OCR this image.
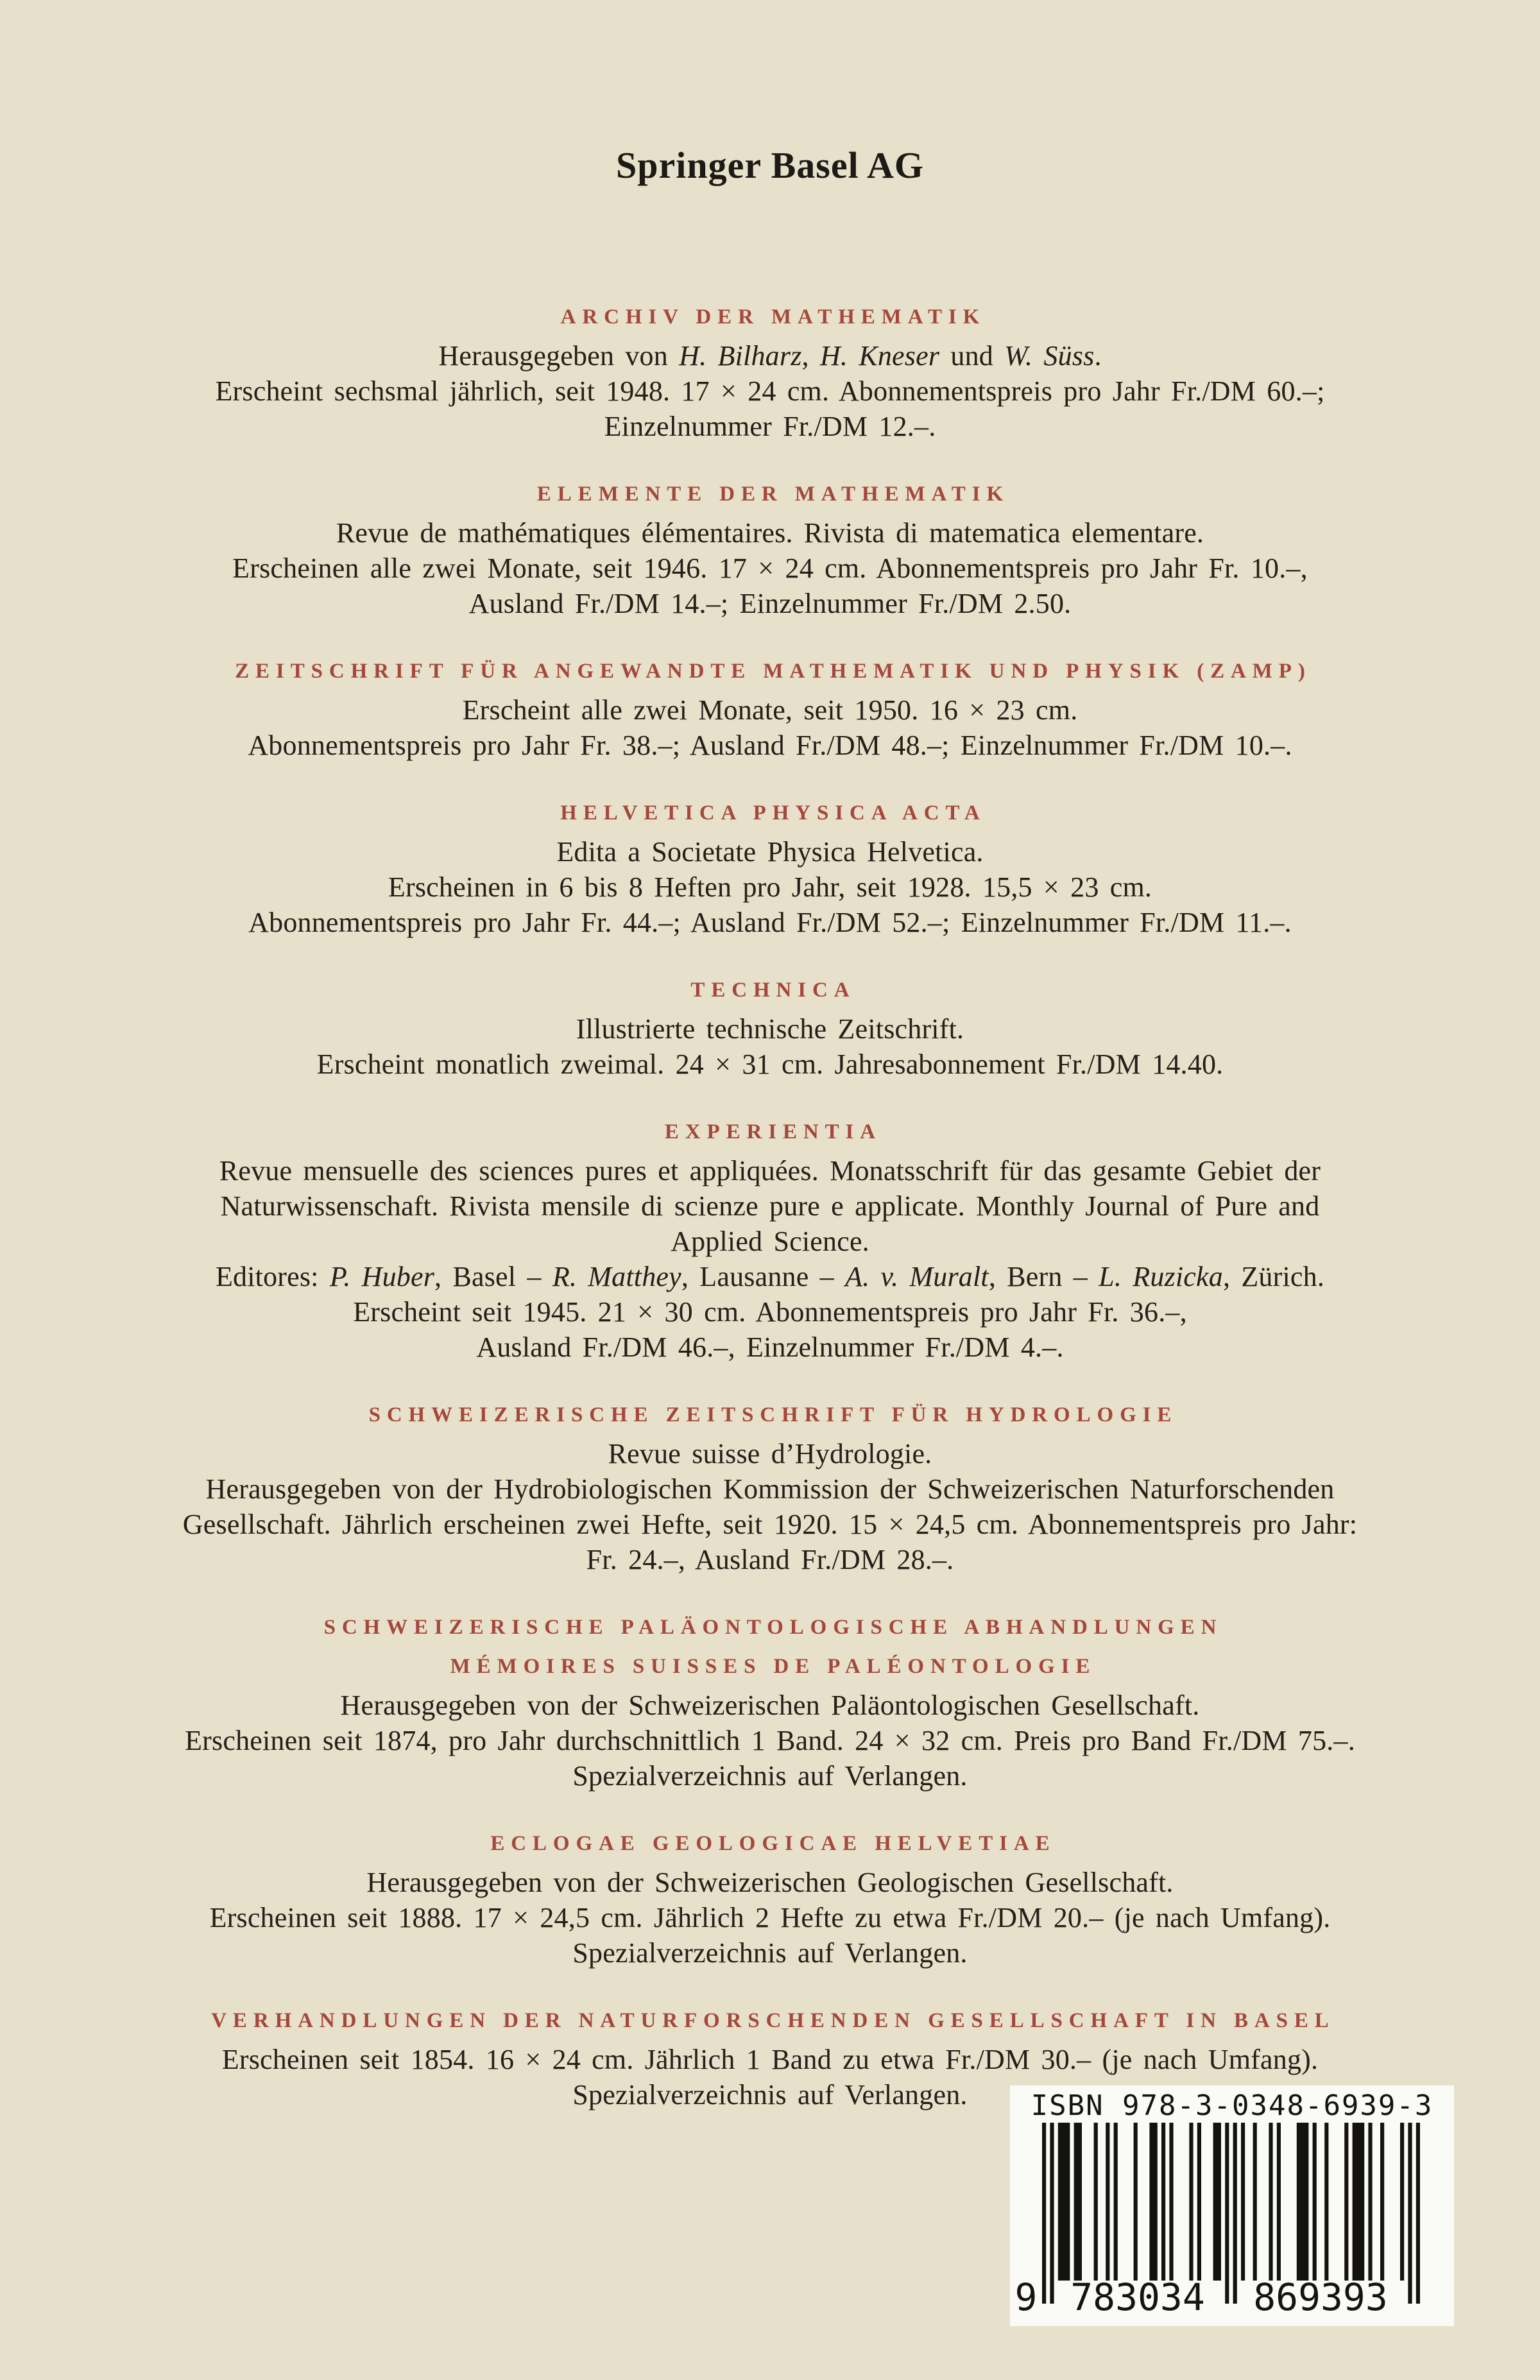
Springer Basel AG
ARCHIV DER MATHEMATIK
Herausgegeben von H. Bilharz, H. Kneser und W. Süss.
Erscheint sechsmal jährlich, seit 1948. 17 × 24 cm. Abonnementspreis pro Jahr Fr./DM 60.–;
Einzelnummer Fr./DM 12.–.
ELEMENTE DER MATHEMATIK
Revue de mathématiques élémentaires. Rivista di matematica elementare.
Erscheinen alle zwei Monate, seit 1946. 17 × 24 cm. Abonnementspreis pro Jahr Fr. 10.–,
Ausland Fr./DM 14.–; Einzelnummer Fr./DM 2.50.
ZEITSCHRIFT FÜR ANGEWANDTE MATHEMATIK UND PHYSIK (ZAMP)
Erscheint alle zwei Monate, seit 1950. 16 × 23 cm.
Abonnementspreis pro Jahr Fr. 38.–; Ausland Fr./DM 48.–; Einzelnummer Fr./DM 10.–.
HELVETICA PHYSICA ACTA
Edita a Societate Physica Helvetica.
Erscheinen in 6 bis 8 Heften pro Jahr, seit 1928. 15,5 × 23 cm.
Abonnementspreis pro Jahr Fr. 44.–; Ausland Fr./DM 52.–; Einzelnummer Fr./DM 11.–.
TECHNICA
Illustrierte technische Zeitschrift.
Erscheint monatlich zweimal. 24 × 31 cm. Jahresabonnement Fr./DM 14.40.
EXPERIENTIA
Revue mensuelle des sciences pures et appliquées. Monatsschrift für das gesamte Gebiet der
Naturwissenschaft. Rivista mensile di scienze pure e applicate. Monthly Journal of Pure and
Applied Science.
Editores: P. Huber, Basel – R. Matthey, Lausanne – A. v. Muralt, Bern – L. Ruzicka, Zürich.
Erscheint seit 1945. 21 × 30 cm. Abonnementspreis pro Jahr Fr. 36.–,
Ausland Fr./DM 46.–, Einzelnummer Fr./DM 4.–.
SCHWEIZERISCHE ZEITSCHRIFT FÜR HYDROLOGIE
Revue suisse d’Hydrologie.
Herausgegeben von der Hydrobiologischen Kommission der Schweizerischen Naturforschenden
Gesellschaft. Jährlich erscheinen zwei Hefte, seit 1920. 15 × 24,5 cm. Abonnementspreis pro Jahr:
Fr. 24.–, Ausland Fr./DM 28.–.
SCHWEIZERISCHE PALÄONTOLOGISCHE ABHANDLUNGEN
MÉMOIRES SUISSES DE PALÉONTOLOGIE
Herausgegeben von der Schweizerischen Paläontologischen Gesellschaft.
Erscheinen seit 1874, pro Jahr durchschnittlich 1 Band. 24 × 32 cm. Preis pro Band Fr./DM 75.–.
Spezialverzeichnis auf Verlangen.
ECLOGAE GEOLOGICAE HELVETIAE
Herausgegeben von der Schweizerischen Geologischen Gesellschaft.
Erscheinen seit 1888. 17 × 24,5 cm. Jährlich 2 Hefte zu etwa Fr./DM 20.– (je nach Umfang).
Spezialverzeichnis auf Verlangen.
VERHANDLUNGEN DER NATURFORSCHENDEN GESELLSCHAFT IN BASEL
Erscheinen seit 1854. 16 × 24 cm. Jährlich 1 Band zu etwa Fr./DM 30.– (je nach Umfang).
Spezialverzeichnis auf Verlangen.	ISBN 978-3-0348-6939-3
9 783034 869393
